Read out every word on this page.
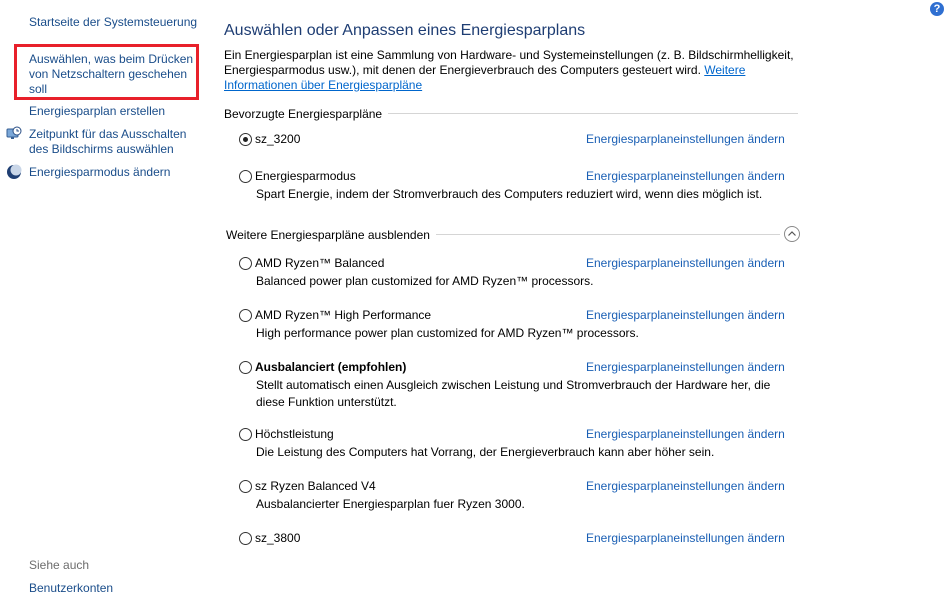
?
Startseite der Systemsteuerung
Auswählen, was beim Drücken von Netzschaltern geschehen soll
Energiesparplan erstellen
Zeitpunkt für das Ausschalten des Bildschirms auswählen
Energiesparmodus ändern
Siehe auch
Benutzerkonten
Auswählen oder Anpassen eines Energiesparplans
Ein Energiesparplan ist eine Sammlung von Hardware- und Systemeinstellungen (z. B. Bildschirmhelligkeit, Energiesparmodus usw.), mit denen der Energieverbrauch des Computers gesteuert wird. Weitere Informationen über Energiesparpläne
Bevorzugte Energiesparpläne
sz_3200	Energiesparplaneinstellungen ändern
Energiesparmodus	Energiesparplaneinstellungen ändern
Spart Energie, indem der Stromverbrauch des Computers reduziert wird, wenn dies möglich ist.
Weitere Energiesparpläne ausblenden
AMD Ryzen™ Balanced	Energiesparplaneinstellungen ändern
Balanced power plan customized for AMD Ryzen™ processors.
AMD Ryzen™ High Performance	Energiesparplaneinstellungen ändern
High performance power plan customized for AMD Ryzen™ processors.
Ausbalanciert (empfohlen)	Energiesparplaneinstellungen ändern
Stellt automatisch einen Ausgleich zwischen Leistung und Stromverbrauch der Hardware her, die diese Funktion unterstützt.
Höchstleistung	Energiesparplaneinstellungen ändern
Die Leistung des Computers hat Vorrang, der Energieverbrauch kann aber höher sein.
sz Ryzen Balanced V4	Energiesparplaneinstellungen ändern
Ausbalancierter Energiesparplan fuer Ryzen 3000.
sz_3800	Energiesparplaneinstellungen ändern
